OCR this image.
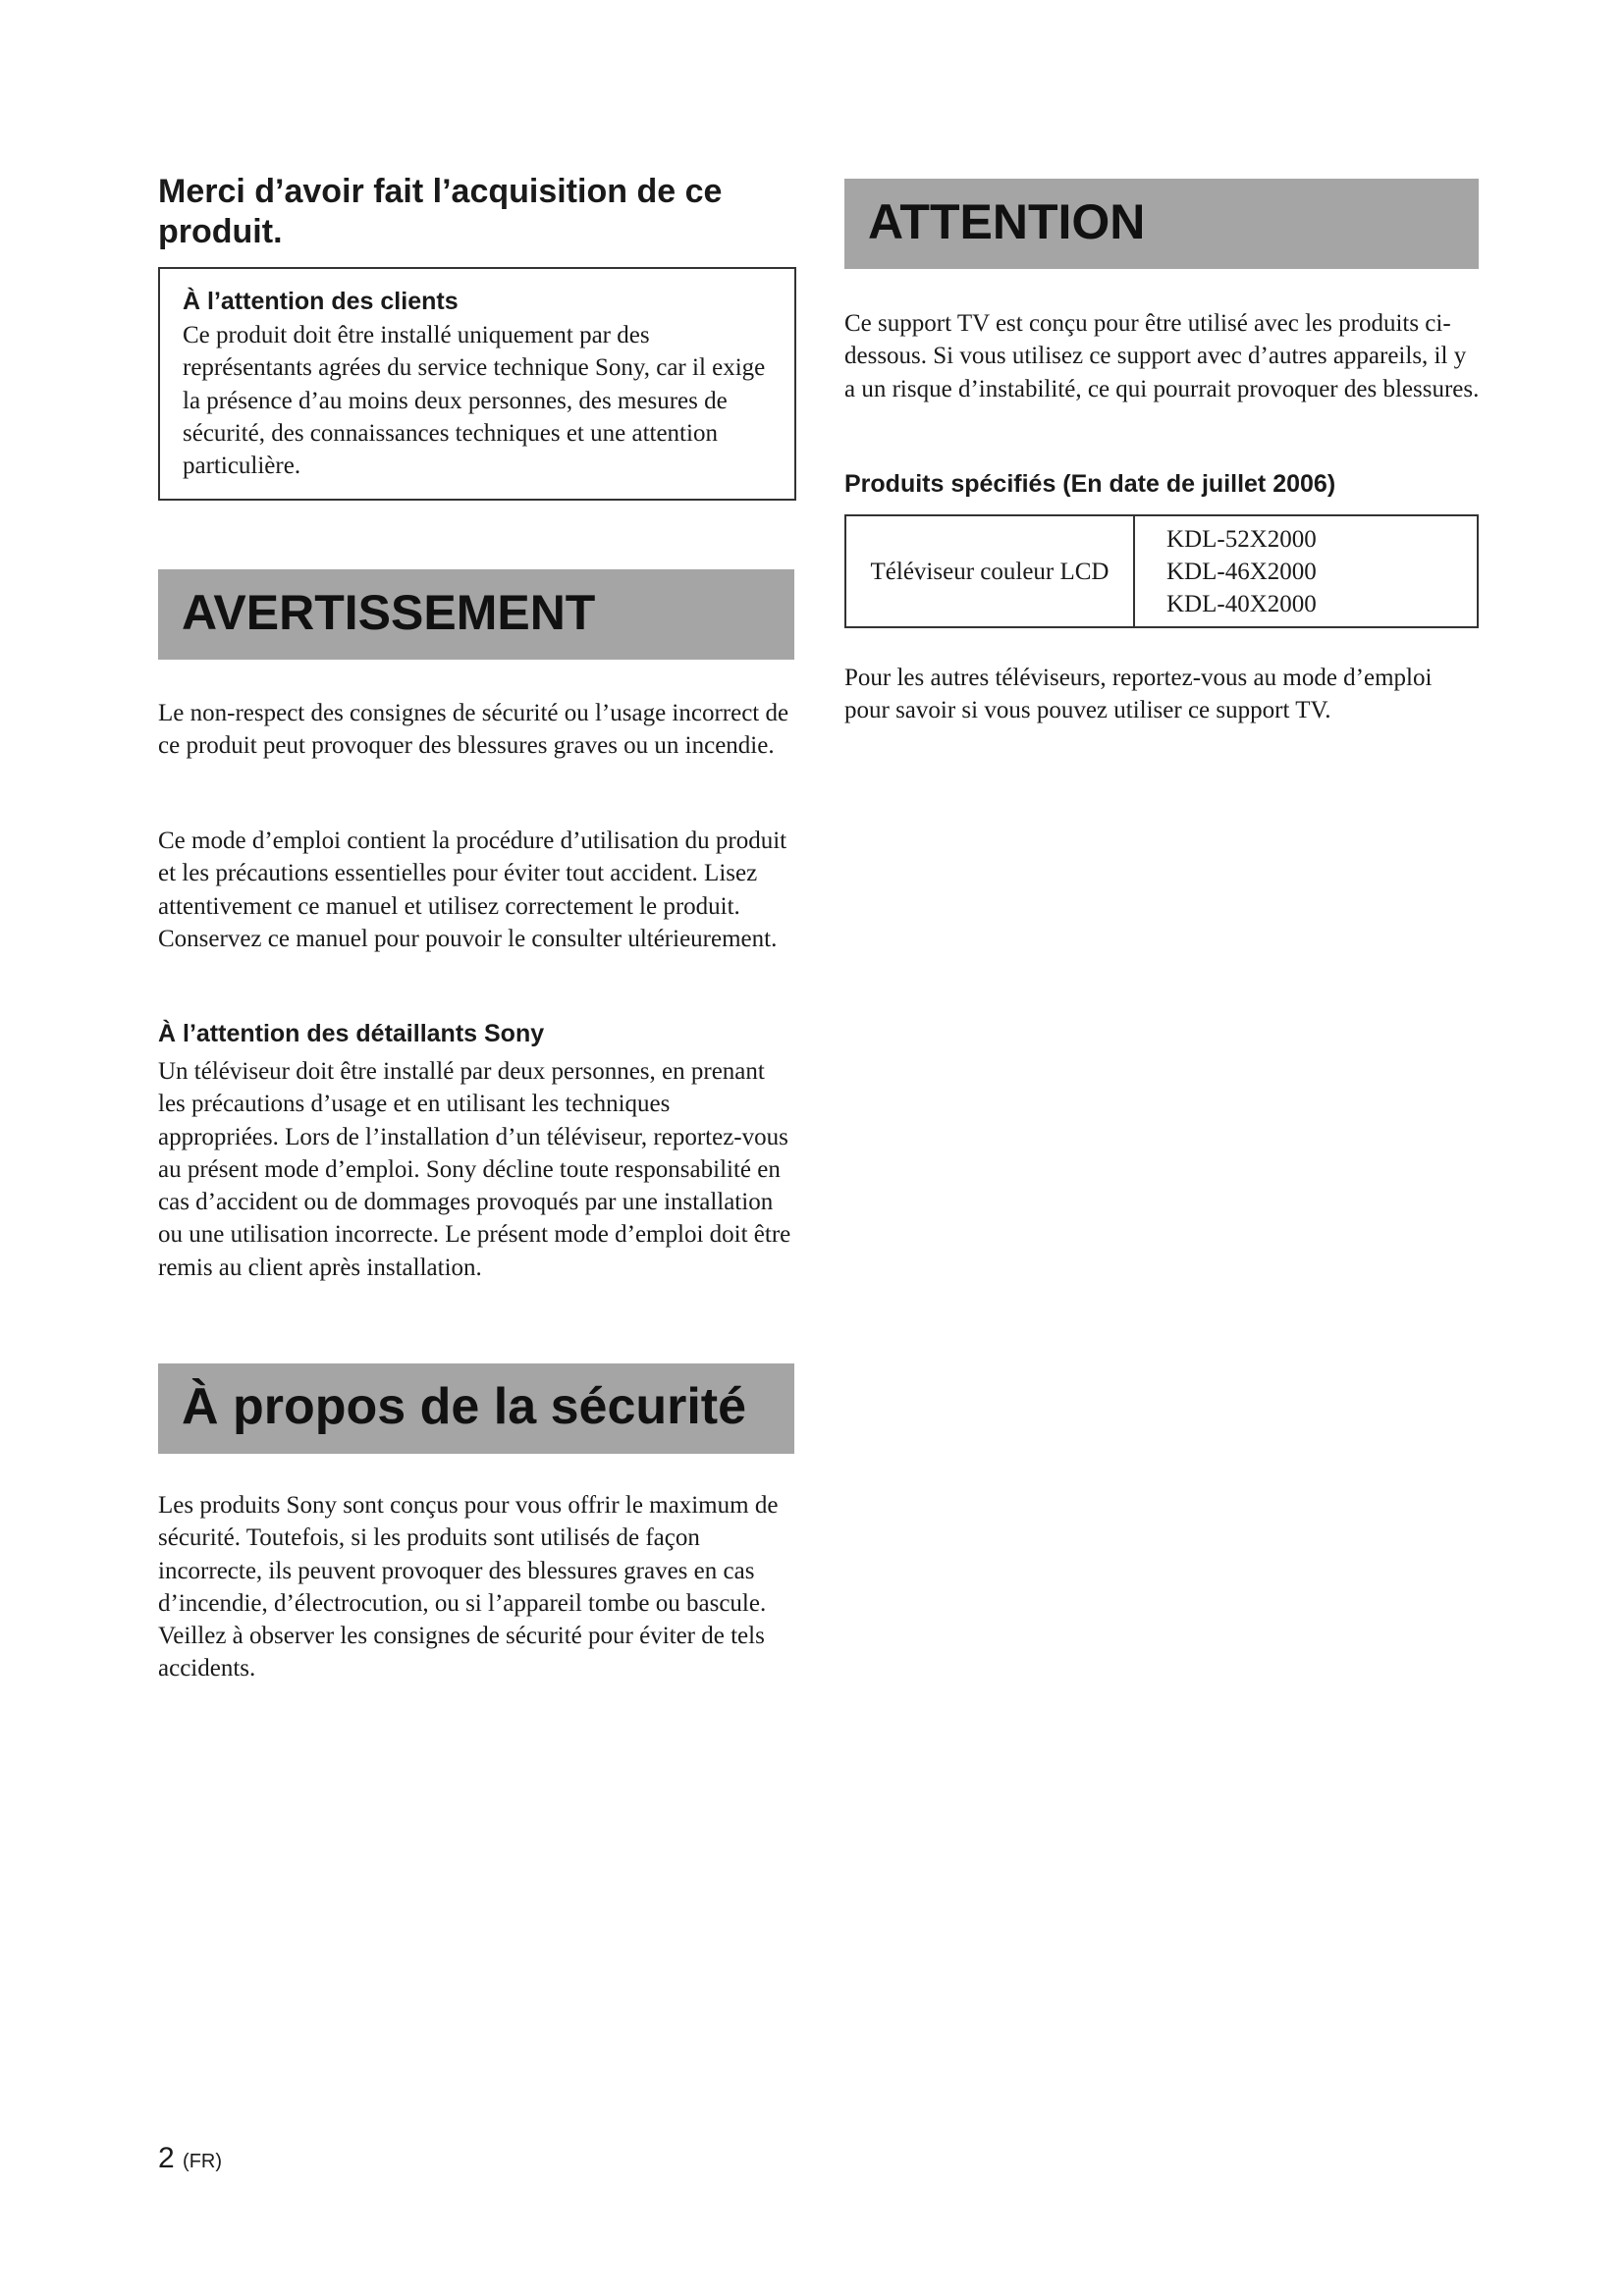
Merci d’avoir fait l’acquisition de ce produit.

À l’attention des clients

Ce produit doit être installé uniquement par des représentants agrées du service technique Sony, car il exige la présence d’au moins deux personnes, des mesures de sécurité, des connaissances techniques et une attention particulière.

AVERTISSEMENT

Le non-respect des consignes de sécurité ou l’usage incorrect de ce produit peut provoquer des blessures graves ou un incendie.

Ce mode d’emploi contient la procédure d’utilisation du produit et les précautions essentielles pour éviter tout accident. Lisez attentivement ce manuel et utilisez correctement le produit. Conservez ce manuel pour pouvoir le consulter ultérieurement.

À l’attention des détaillants Sony

Un téléviseur doit être installé par deux personnes, en prenant les précautions d’usage et en utilisant les techniques appropriées. Lors de l’installation d’un téléviseur, reportez-vous au présent mode d’emploi. Sony décline toute responsabilité en cas d’accident ou de dommages provoqués par une installation ou une utilisation incorrecte. Le présent mode d’emploi doit être remis au client après installation.

À propos de la sécurité

Les produits Sony sont conçus pour vous offrir le maximum de sécurité. Toutefois, si les produits sont utilisés de façon incorrecte, ils peuvent provoquer des blessures graves en cas d’incendie, d’électrocution, ou si l’appareil tombe ou bascule. Veillez à observer les consignes de sécurité pour éviter de tels accidents.

ATTENTION

Ce support TV est conçu pour être utilisé avec les produits ci-dessous. Si vous utilisez ce support avec d’autres appareils, il y a un risque d’instabilité, ce qui pourrait provoquer des blessures.

Produits spécifiés (En date de juillet 2006)

Téléviseur couleur LCD	
KDL-52X2000
KDL-46X2000
KDL-40X2000

Pour les autres téléviseurs, reportez-vous au mode d’emploi pour savoir si vous pouvez utiliser ce support TV.

2 (FR)
